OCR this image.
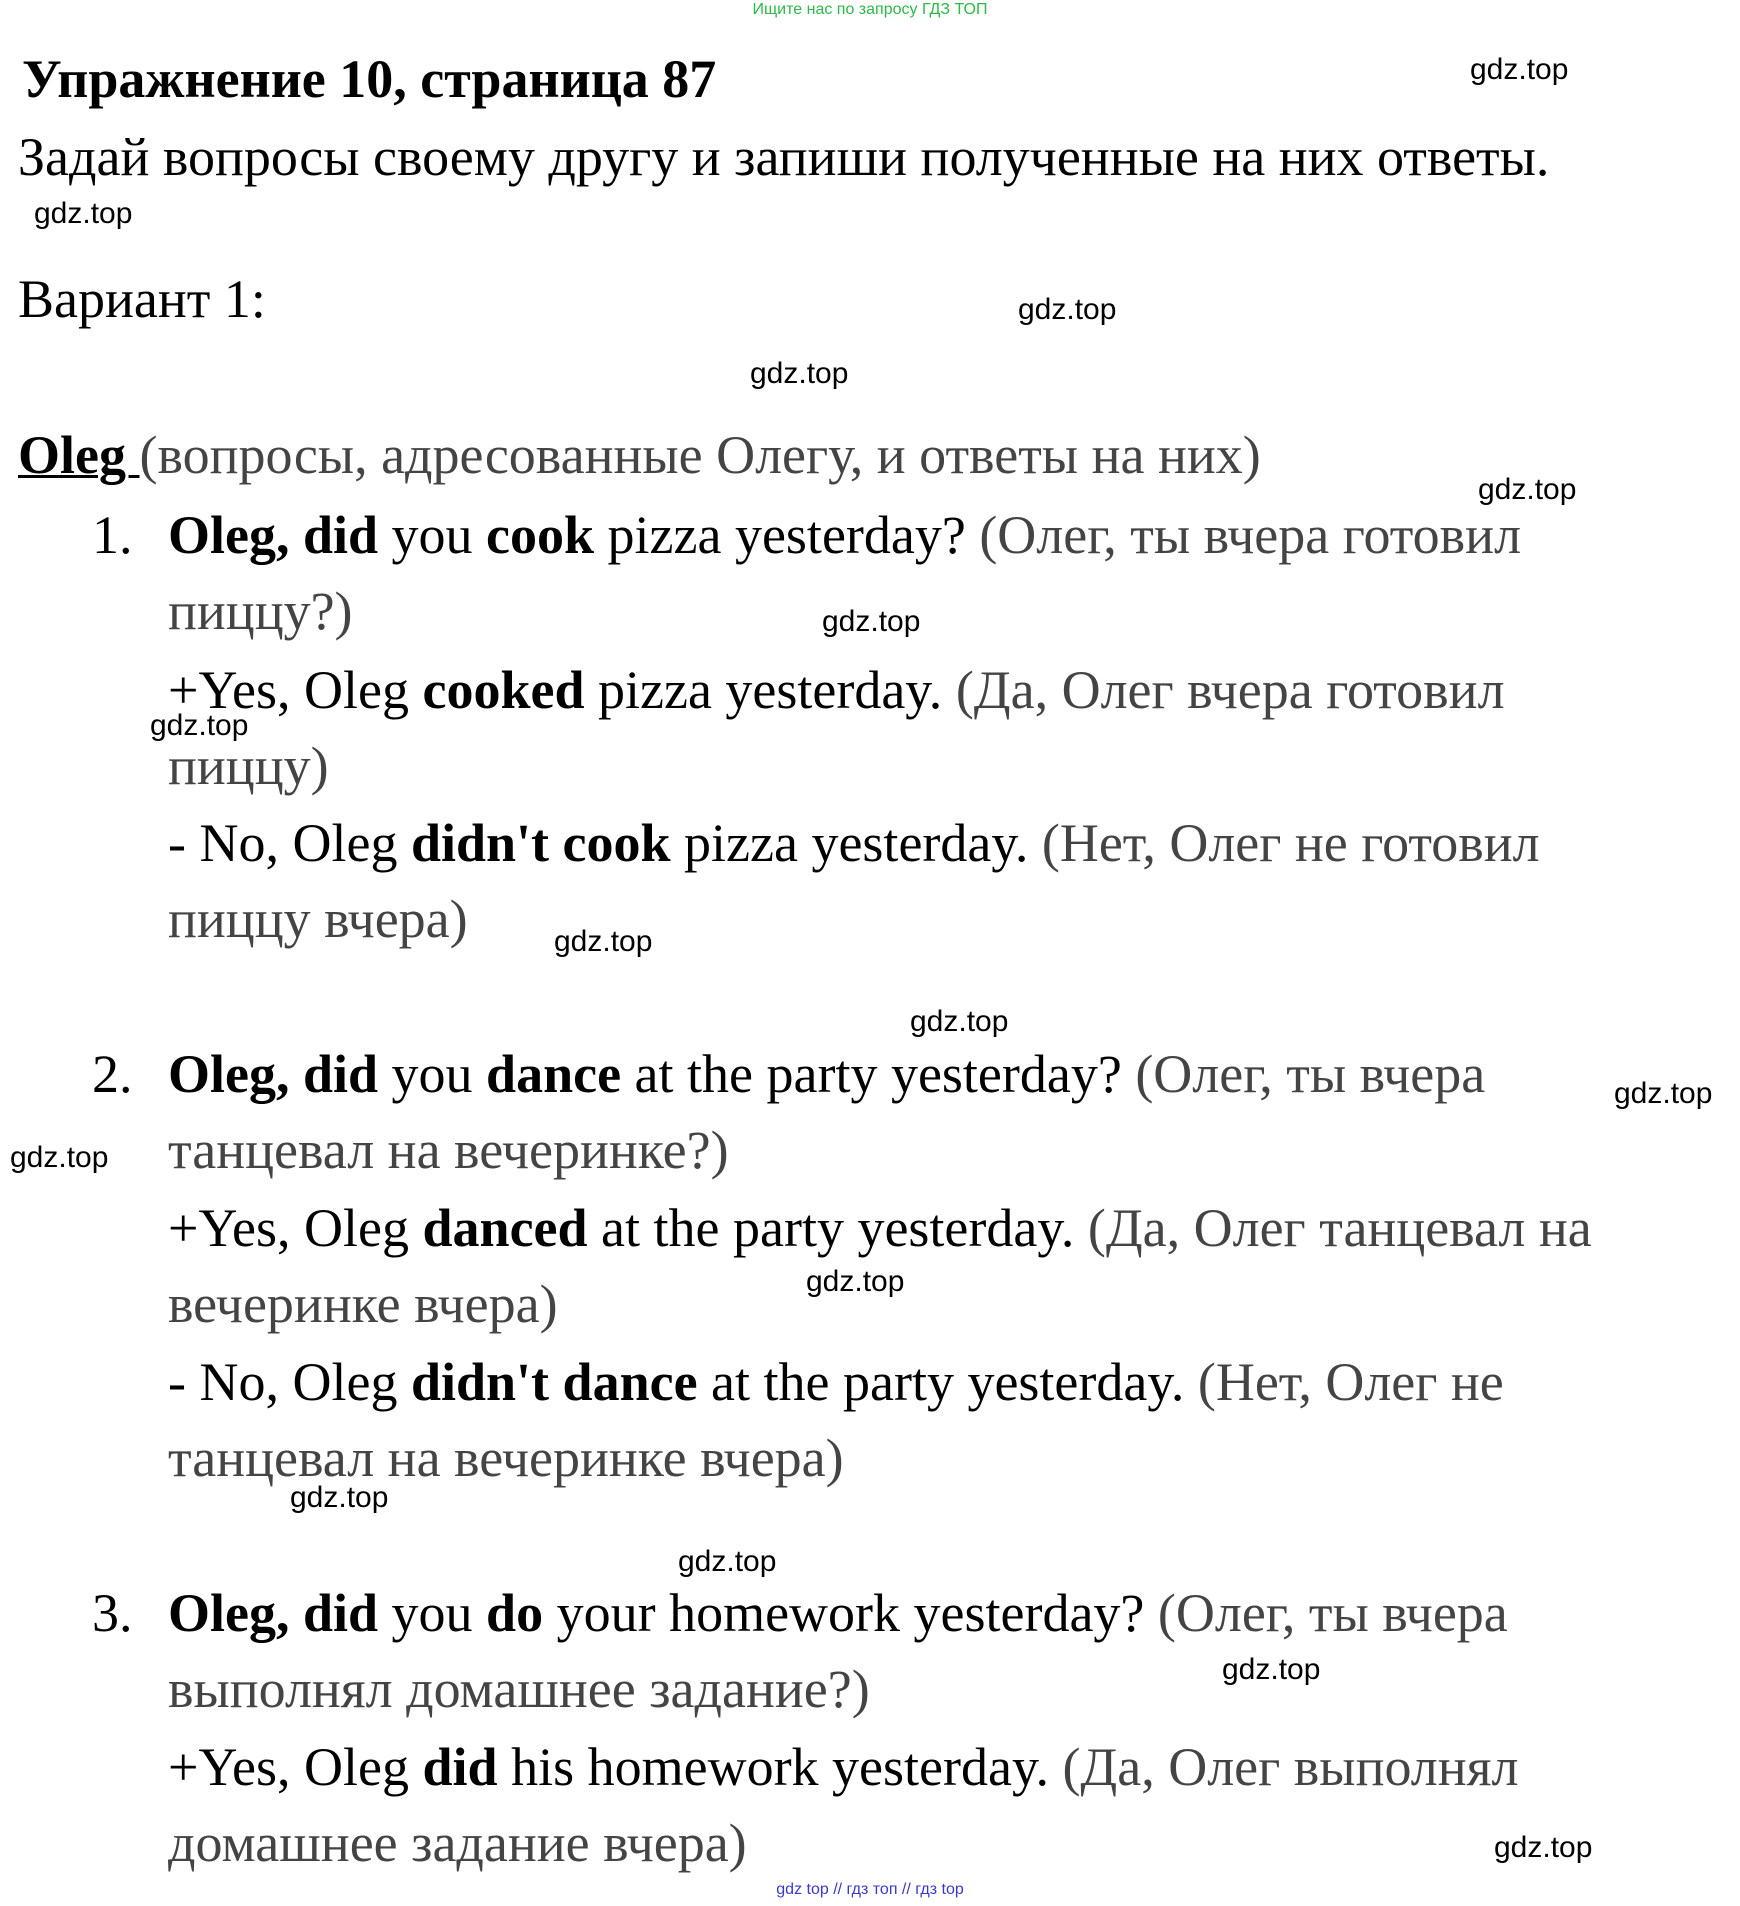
Ищите нас по запросу ГДЗ ТОП
Упражнение 10, страница 87
Задай вопросы своему другу и запиши полученные на них ответы.
Вариант 1:
Oleg (вопросы, адресованные Олегу, и ответы на них)
1. Oleg, did you cook pizza yesterday? (Олег, ты вчера готовил
пиццу?)
+Yes, Oleg cooked pizza yesterday. (Да, Олег вчера готовил
пиццу)
- No, Oleg didn't cook pizza yesterday. (Нет, Олег не готовил
пиццу вчера)
2. Oleg, did you dance at the party yesterday? (Олег, ты вчера
танцевал на вечеринке?)
+Yes, Oleg danced at the party yesterday. (Да, Олег танцевал на
вечеринке вчера)
- No, Oleg didn't dance at the party yesterday. (Нет, Олег не
танцевал на вечеринке вчера)
3. Oleg, did you do your homework yesterday? (Олег, ты вчера
выполнял домашнее задание?)
+Yes, Oleg did his homework yesterday. (Да, Олег выполнял
домашнее задание вчера)
gdz.top
gdz.top
gdz.top
gdz.top
gdz.top
gdz.top
gdz.top
gdz.top
gdz.top
gdz.top
gdz.top
gdz.top
gdz.top
gdz.top
gdz.top
gdz.top
gdz top // гдз топ // гдз top
